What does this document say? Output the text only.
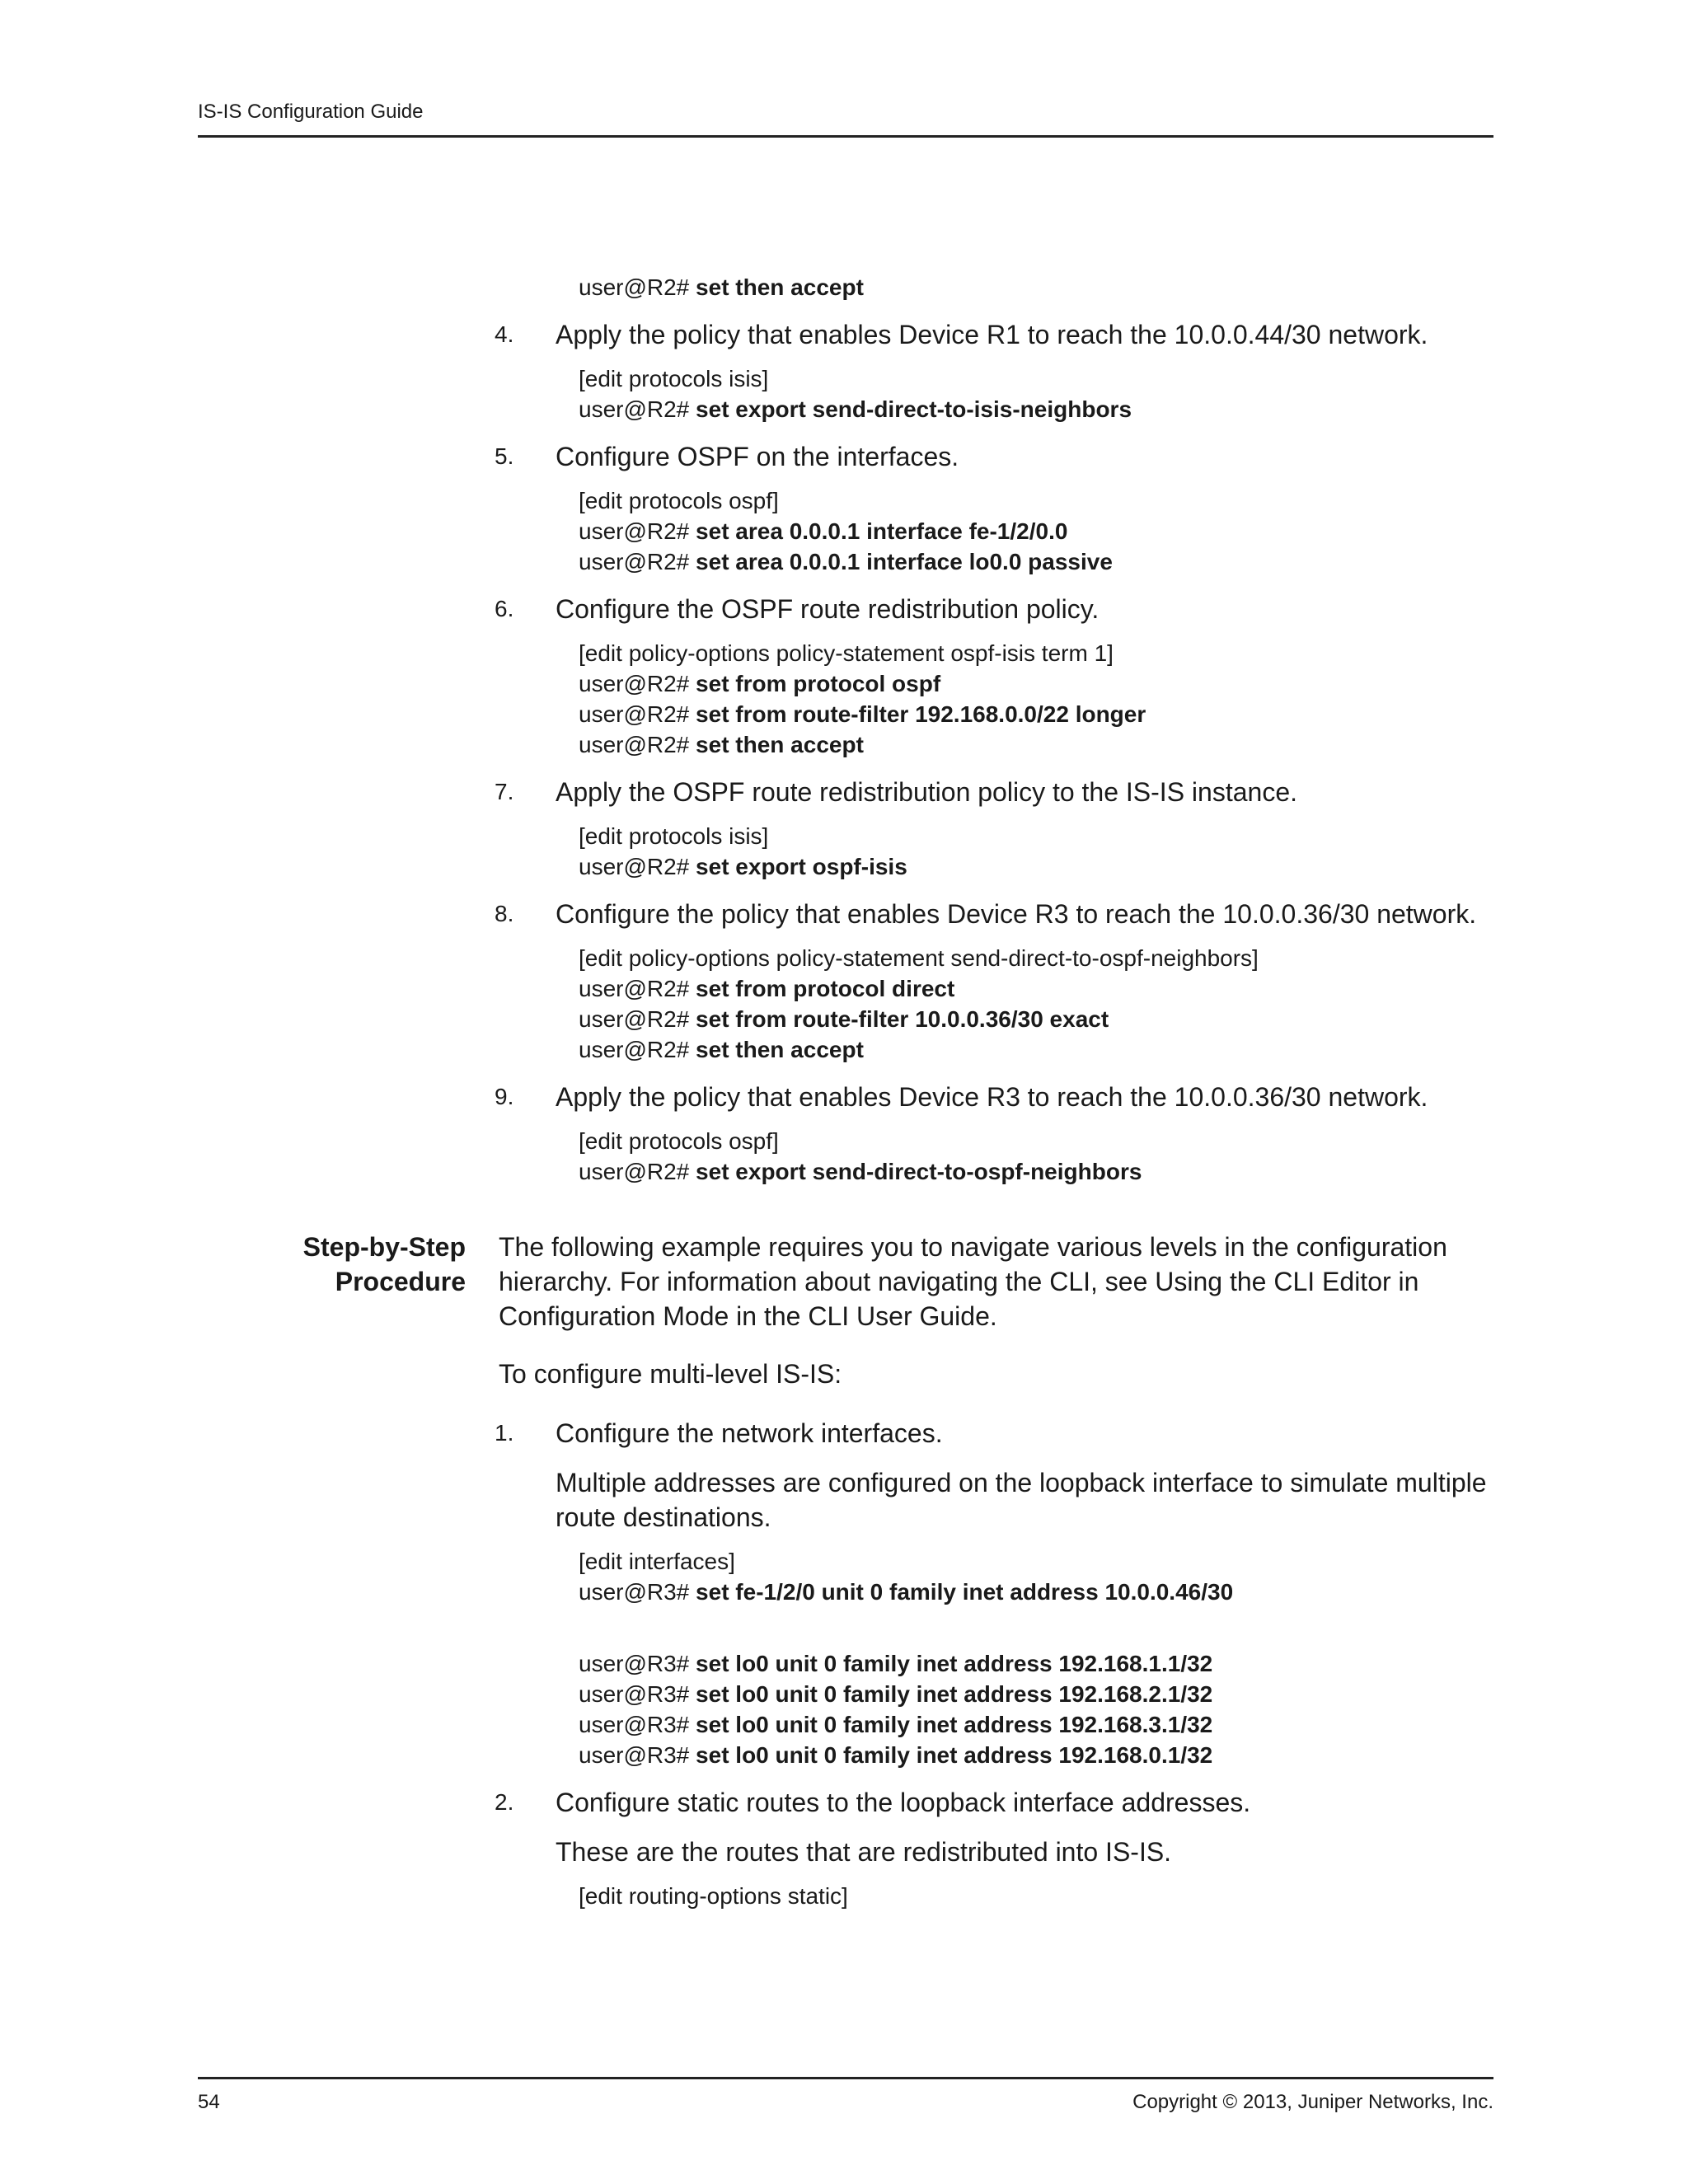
IS-IS Configuration Guide
user@R2# set then accept
4.	Apply the policy that enables Device R1 to reach the 10.0.0.44/30 network.
[edit protocols isis]
user@R2# set export send-direct-to-isis-neighbors
5.	Configure OSPF on the interfaces.
[edit protocols ospf]
user@R2# set area 0.0.0.1 interface fe-1/2/0.0
user@R2# set area 0.0.0.1 interface lo0.0 passive
6.	Configure the OSPF route redistribution policy.
[edit policy-options policy-statement ospf-isis term 1]
user@R2# set from protocol ospf
user@R2# set from route-filter 192.168.0.0/22 longer
user@R2# set then accept
7.	Apply the OSPF route redistribution policy to the IS-IS instance.
[edit protocols isis]
user@R2# set export ospf-isis
8.	Configure the policy that enables Device R3 to reach the 10.0.0.36/30 network.
[edit policy-options policy-statement send-direct-to-ospf-neighbors]
user@R2# set from protocol direct
user@R2# set from route-filter 10.0.0.36/30 exact
user@R2# set then accept
9.	Apply the policy that enables Device R3 to reach the 10.0.0.36/30 network.
[edit protocols ospf]
user@R2# set export send-direct-to-ospf-neighbors
Step-by-Step
Procedure
The following example requires you to navigate various levels in the configuration hierarchy. For information about navigating the CLI, see Using the CLI Editor in Configuration Mode in the CLI User Guide.
To configure multi-level IS-IS:
1.	Configure the network interfaces.
Multiple addresses are configured on the loopback interface to simulate multiple route destinations.
[edit interfaces]
user@R3# set fe-1/2/0 unit 0 family inet address 10.0.0.46/30
user@R3# set lo0 unit 0 family inet address 192.168.1.1/32
user@R3# set lo0 unit 0 family inet address 192.168.2.1/32
user@R3# set lo0 unit 0 family inet address 192.168.3.1/32
user@R3# set lo0 unit 0 family inet address 192.168.0.1/32
2.	Configure static routes to the loopback interface addresses.
These are the routes that are redistributed into IS-IS.
[edit routing-options static]
54	Copyright © 2013, Juniper Networks, Inc.
